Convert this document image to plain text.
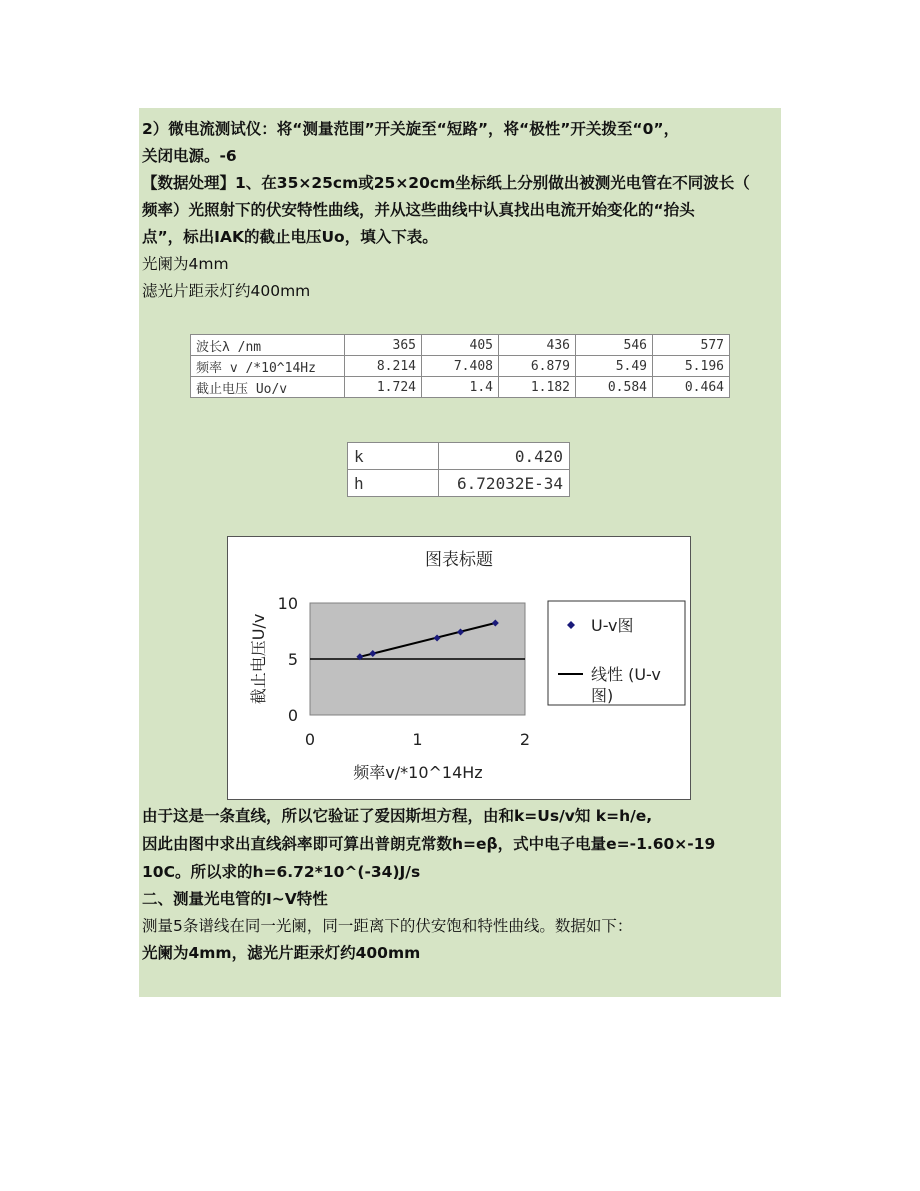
2）微电流测试仪：将“测量范围”开关旋至“短路”，将“极性”开关拨至“0”，
关闭电源。-6
【数据处理】1、在35×25cm或25×20cm坐标纸上分别做出被测光电管在不同波长（
频率）光照射下的伏安特性曲线，并从这些曲线中认真找出电流开始变化的“抬头
点”，标出IAK的截止电压Uo，填入下表。
光阑为4mm
滤光片距汞灯约400mm
波长λ /nm	365	405	436	546	577
频率 v /*10^14Hz	8.214	7.408	6.879	5.49	5.196
截止电压 Uo/v	1.724	1.4	1.182	0.584	0.464
k	0.420
h	6.72032E-34
图表标题
0
5
10
0	1	2
频率v/*10^14Hz
截止电压U/v	U-v图
线性 (U-v
图)
由于这是一条直线，所以它验证了爱因斯坦方程，由和k=Us/v知 k=h/e,
因此由图中求出直线斜率即可算出普朗克常数h=eβ，式中电子电量e=-1.60×-19
10C。所以求的h=6.72*10^(-34)J/s
二、测量光电管的I~V特性
测量5条谱线在同一光阑，同一距离下的伏安饱和特性曲线。数据如下：
光阑为4mm，滤光片距汞灯约400mm
